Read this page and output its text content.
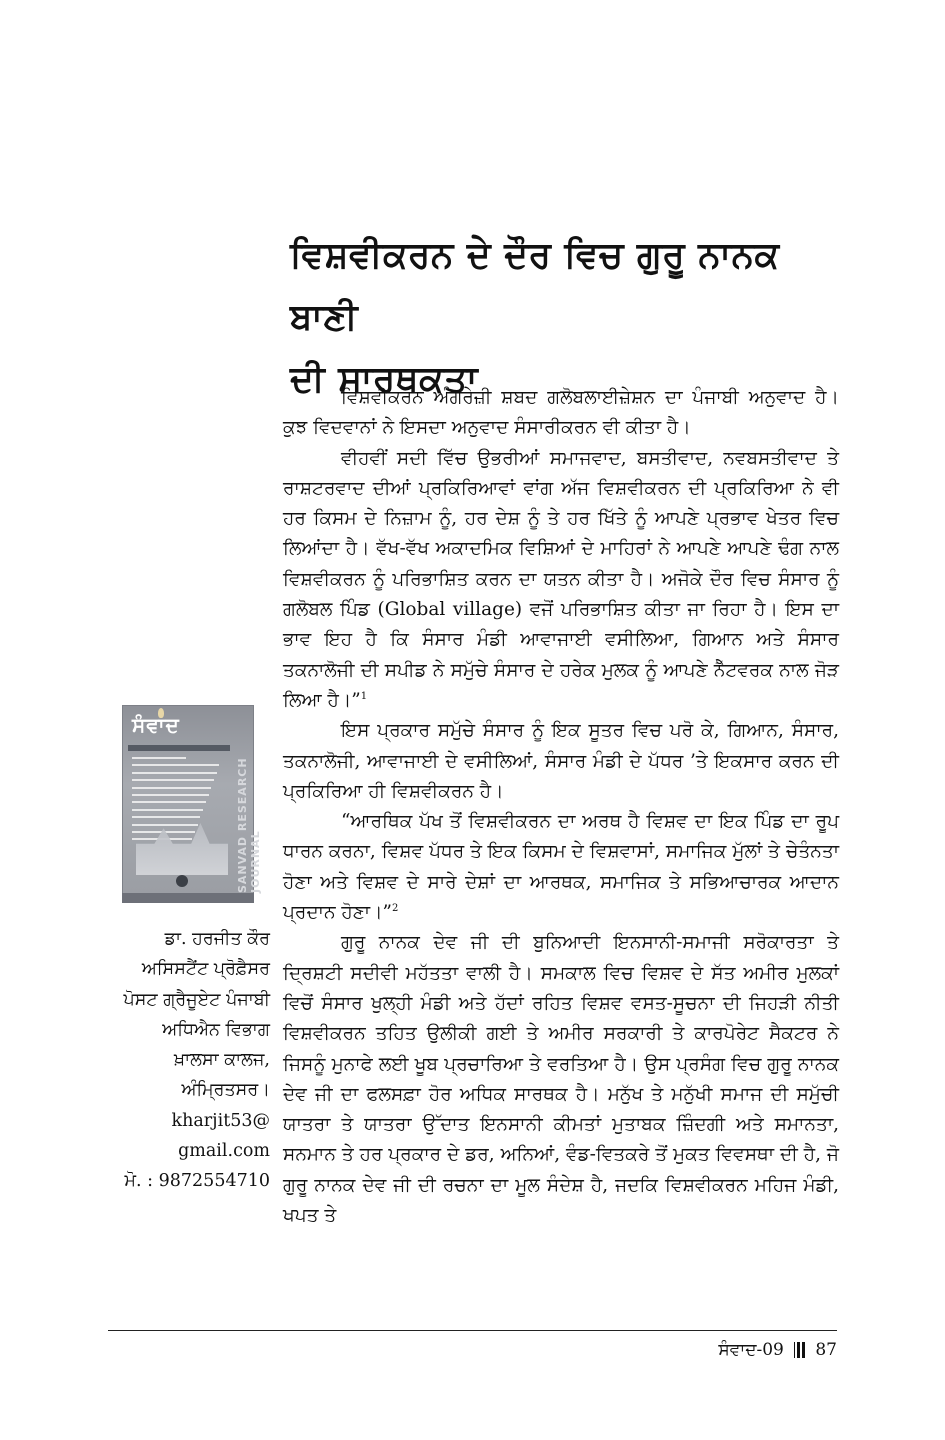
ਵਿਸ਼ਵੀਕਰਨ ਦੇ ਦੌਰ ਵਿਚ ਗੁਰੂ ਨਾਨਕ ਬਾਣੀ
ਦੀ ਸਾਰਥਕਤਾ

ਵਿਸ਼ਵੀਕਰਨ ਅੰਗਰੇਜ਼ੀ ਸ਼ਬਦ ਗਲੋਬਲਾਈਜ਼ੇਸ਼ਨ ਦਾ ਪੰਜਾਬੀ ਅਨੁਵਾਦ ਹੈ। ਕੁਝ ਵਿਦਵਾਨਾਂ ਨੇ ਇਸਦਾ ਅਨੁਵਾਦ ਸੰਸਾਰੀਕਰਨ ਵੀ ਕੀਤਾ ਹੈ।

ਵੀਹਵੀਂ ਸਦੀ ਵਿੱਚ ਉਭਰੀਆਂ ਸਮਾਜਵਾਦ, ਬਸਤੀਵਾਦ, ਨਵਬਸਤੀਵਾਦ ਤੇ ਰਾਸ਼ਟਰਵਾਦ ਦੀਆਂ ਪ੍ਰਕਿਰਿਆਵਾਂ ਵਾਂਗ ਅੱਜ ਵਿਸ਼ਵੀਕਰਨ ਦੀ ਪ੍ਰਕਿਰਿਆ ਨੇ ਵੀ ਹਰ ਕਿਸਮ ਦੇ ਨਿਜ਼ਾਮ ਨੂੰ, ਹਰ ਦੇਸ਼ ਨੂੰ ਤੇ ਹਰ ਖਿੱਤੇ ਨੂੰ ਆਪਣੇ ਪ੍ਰਭਾਵ ਖੇਤਰ ਵਿਚ ਲਿਆਂਦਾ ਹੈ। ਵੱਖ-ਵੱਖ ਅਕਾਦਮਿਕ ਵਿਸ਼ਿਆਂ ਦੇ ਮਾਹਿਰਾਂ ਨੇ ਆਪਣੇ ਆਪਣੇ ਢੰਗ ਨਾਲ ਵਿਸ਼ਵੀਕਰਨ ਨੂੰ ਪਰਿਭਾਸ਼ਿਤ ਕਰਨ ਦਾ ਯਤਨ ਕੀਤਾ ਹੈ। ਅਜੋਕੇ ਦੌਰ ਵਿਚ ਸੰਸਾਰ ਨੂੰ ਗਲੋਬਲ ਪਿੰਡ (Global village) ਵਜੋਂ ਪਰਿਭਾਸ਼ਿਤ ਕੀਤਾ ਜਾ ਰਿਹਾ ਹੈ। ਇਸ ਦਾ ਭਾਵ ਇਹ ਹੈ ਕਿ ਸੰਸਾਰ ਮੰਡੀ ਆਵਾਜਾਈ ਵਸੀਲਿਆ, ਗਿਆਨ ਅਤੇ ਸੰਸਾਰ ਤਕਨਾਲੋਜੀ ਦੀ ਸਪੀਡ ਨੇ ਸਮੁੱਚੇ ਸੰਸਾਰ ਦੇ ਹਰੇਕ ਮੁਲਕ ਨੂੰ ਆਪਣੇ ਨੈੱਟਵਰਕ ਨਾਲ ਜੋੜ ਲਿਆ ਹੈ।”$^1$

ਇਸ ਪ੍ਰਕਾਰ ਸਮੁੱਚੇ ਸੰਸਾਰ ਨੂੰ ਇਕ ਸੂਤਰ ਵਿਚ ਪਰੋ ਕੇ, ਗਿਆਨ, ਸੰਸਾਰ, ਤਕਨਾਲੋਜੀ, ਆਵਾਜਾਈ ਦੇ ਵਸੀਲਿਆਂ, ਸੰਸਾਰ ਮੰਡੀ ਦੇ ਪੱਧਰ ’ਤੇ ਇਕਸਾਰ ਕਰਨ ਦੀ ਪ੍ਰਕਿਰਿਆ ਹੀ ਵਿਸ਼ਵੀਕਰਨ ਹੈ।

“ਆਰਥਿਕ ਪੱਖ ਤੋਂ ਵਿਸ਼ਵੀਕਰਨ ਦਾ ਅਰਥ ਹੈ ਵਿਸ਼ਵ ਦਾ ਇਕ ਪਿੰਡ ਦਾ ਰੂਪ ਧਾਰਨ ਕਰਨਾ, ਵਿਸ਼ਵ ਪੱਧਰ ਤੇ ਇਕ ਕਿਸਮ ਦੇ ਵਿਸ਼ਵਾਸਾਂ, ਸਮਾਜਿਕ ਮੁੱਲਾਂ ਤੇ ਚੇਤੰਨਤਾ ਹੋਣਾ ਅਤੇ ਵਿਸ਼ਵ ਦੇ ਸਾਰੇ ਦੇਸ਼ਾਂ ਦਾ ਆਰਥਕ, ਸਮਾਜਿਕ ਤੇ ਸਭਿਆਚਾਰਕ ਆਦਾਨ ਪ੍ਰਦਾਨ ਹੋਣਾ।”$^2$

ਗੁਰੂ ਨਾਨਕ ਦੇਵ ਜੀ ਦੀ ਬੁਨਿਆਦੀ ਇਨਸਾਨੀ-ਸਮਾਜੀ ਸਰੋਕਾਰਤਾ ਤੇ ਦ੍ਰਿਸ਼ਟੀ ਸਦੀਵੀ ਮਹੱਤਤਾ ਵਾਲੀ ਹੈ। ਸਮਕਾਲ ਵਿਚ ਵਿਸ਼ਵ ਦੇ ਸੱਤ ਅਮੀਰ ਮੁਲਕਾਂ ਵਿਚੋਂ ਸੰਸਾਰ ਖੁਲ੍ਹੀ ਮੰਡੀ ਅਤੇ ਹੱਦਾਂ ਰਹਿਤ ਵਿਸ਼ਵ ਵਸਤ-ਸੂਚਨਾ ਦੀ ਜਿਹੜੀ ਨੀਤੀ ਵਿਸ਼ਵੀਕਰਨ ਤਹਿਤ ਉਲੀਕੀ ਗਈ ਤੇ ਅਮੀਰ ਸਰਕਾਰੀ ਤੇ ਕਾਰਪੋਰੇਟ ਸੈਕਟਰ ਨੇ ਜਿਸਨੂੰ ਮੁਨਾਫੇ ਲਈ ਖੂਬ ਪ੍ਰਚਾਰਿਆ ਤੇ ਵਰਤਿਆ ਹੈ। ਉਸ ਪ੍ਰਸੰਗ ਵਿਚ ਗੁਰੂ ਨਾਨਕ ਦੇਵ ਜੀ ਦਾ ਫਲਸਫ਼ਾ ਹੋਰ ਅਧਿਕ ਸਾਰਥਕ ਹੈ। ਮਨੁੱਖ ਤੇ ਮਨੁੱਖੀ ਸਮਾਜ ਦੀ ਸਮੁੱਚੀ ਯਾਤਰਾ ਤੇ ਯਾਤਰਾ ਉੱਦਾਤ ਇਨਸਾਨੀ ਕੀਮਤਾਂ ਮੁਤਾਬਕ ਜ਼ਿੰਦਗੀ ਅਤੇ ਸਮਾਨਤਾ, ਸਨਮਾਨ ਤੇ ਹਰ ਪ੍ਰਕਾਰ ਦੇ ਡਰ, ਅਨਿਆਂ, ਵੰਡ-ਵਿਤਕਰੇ ਤੋਂ ਮੁਕਤ ਵਿਵਸਥਾ ਦੀ ਹੈ, ਜੋ ਗੁਰੂ ਨਾਨਕ ਦੇਵ ਜੀ ਦੀ ਰਚਨਾ ਦਾ ਮੂਲ ਸੰਦੇਸ਼ ਹੈ, ਜਦਕਿ ਵਿਸ਼ਵੀਕਰਨ ਮਹਿਜ ਮੰਡੀ, ਖਪਤ ਤੇ

ਸੰਵਾਦ
SANVAD RESEARCH JOURNAL
ਡਾ. ਹਰਜੀਤ ਕੌਰ
ਅਸਿਸਟੈਂਟ ਪ੍ਰੋਫ਼ੈਸਰ
ਪੋਸਟ ਗ੍ਰੈਜੂਏਟ ਪੰਜਾਬੀ
ਅਧਿਐਨ ਵਿਭਾਗ
ਖ਼ਾਲਸਾ ਕਾਲਜ,
ਅੰਮ੍ਰਿਤਸਰ।
kharjit53@
gmail.com
ਮੋ. : 9872554710
ਸੰਵਾਦ-09 87
